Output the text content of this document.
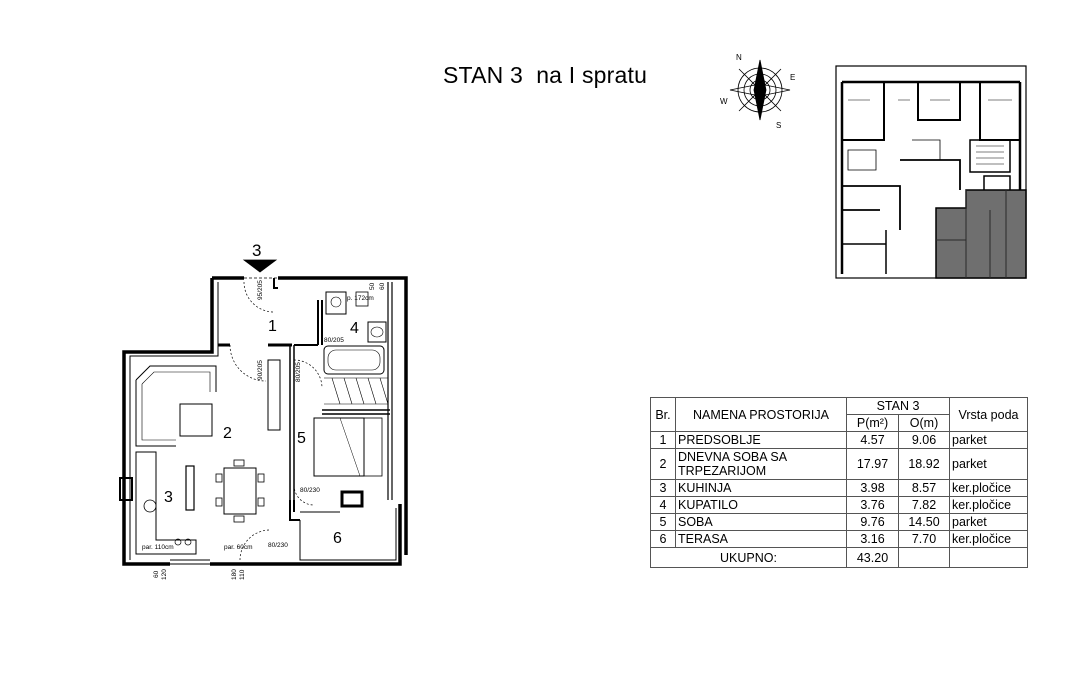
STAN 3  na I spratu
1
2
3
4
5
6
3
95/205
80/205
90/205	80/205
80/230
80/230
p. 172cm
par. 110cm	par. 60cm
50 60
60 120	180 110
N
E
S
W
Br.	NAMENA PROSTORIJA	STAN 3		Vrsta poda
		P(m²)	O(m)	
1	PREDSOBLJE	4.57	9.06	parket
2	DNEVNA SOBA SA TRPEZARIJOM	17.97	18.92	parket
3	KUHINJA	3.98	8.57	ker.pločice
4	KUPATILO	3.76	7.82	ker.pločice
5	SOBA	9.76	14.50	parket
6	TERASA	3.16	7.70	ker.pločice
UKUPNO:		43.20		
